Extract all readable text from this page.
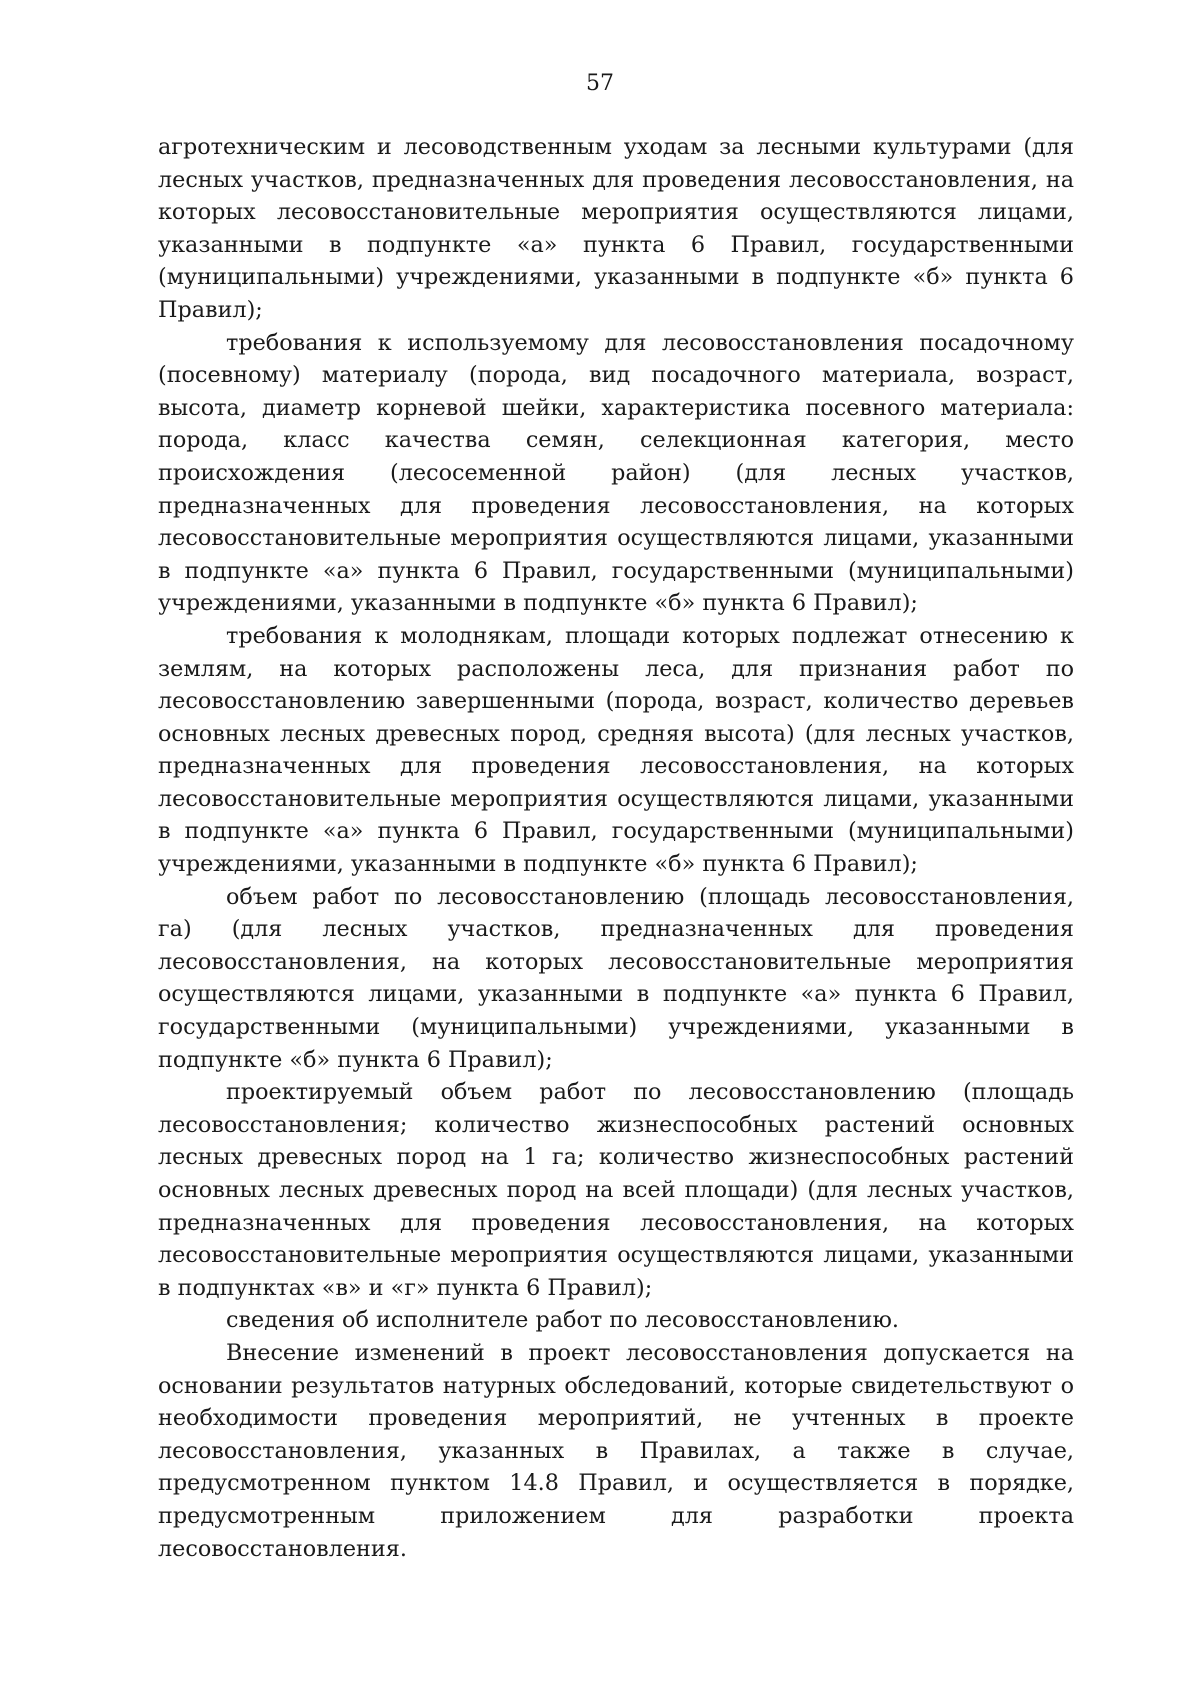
57

агротехническим и лесоводственным уходам за лесными культурами (для лесных участков, предназначенных для проведения лесовосстановления, на которых лесовосстановительные мероприятия осуществляются лицами, указанными в подпункте «а» пункта 6 Правил, государственными (муниципальными) учреждениями, указанными в подпункте «б» пункта 6 Правил);

требования к используемому для лесовосстановления посадочному (посевному) материалу (порода, вид посадочного материала, возраст, высота, диаметр корневой шейки, характеристика посевного материала: порода, класс качества семян, селекционная категория, место происхождения (лесосеменной район) (для лесных участков, предназначенных для проведения лесовосстановления, на которых лесовосстановительные мероприятия осуществляются лицами, указанными в подпункте «а» пункта 6 Правил, государственными (муниципальными) учреждениями, указанными в подпункте «б» пункта 6 Правил);

требования к молоднякам, площади которых подлежат отнесению к землям, на которых расположены леса, для признания работ по лесовосстановлению завершенными (порода, возраст, количество деревьев основных лесных древесных пород, средняя высота) (для лесных участков, предназначенных для проведения лесовосстановления, на которых лесовосстановительные мероприятия осуществляются лицами, указанными в подпункте «а» пункта 6 Правил, государственными (муниципальными) учреждениями, указанными в подпункте «б» пункта 6 Правил);

объем работ по лесовосстановлению (площадь лесовосстановления, га) (для лесных участков, предназначенных для проведения лесовосстановления, на которых лесовосстановительные мероприятия осуществляются лицами, указанными в подпункте «а» пункта 6 Правил, государственными (муниципальными) учреждениями, указанными в подпункте «б» пункта 6 Правил);

проектируемый объем работ по лесовосстановлению (площадь лесовосстановления; количество жизнеспособных растений основных лесных древесных пород на 1 га; количество жизнеспособных растений основных лесных древесных пород на всей площади) (для лесных участков, предназначенных для проведения лесовосстановления, на которых лесовосстановительные мероприятия осуществляются лицами, указанными в подпунктах «в» и «г» пункта 6 Правил);

сведения об исполнителе работ по лесовосстановлению.

Внесение изменений в проект лесовосстановления допускается на основании результатов натурных обследований, которые свидетельствуют о необходимости проведения мероприятий, не учтенных в проекте лесовосстановления, указанных в Правилах, а также в случае, предусмотренном пунктом 14.8 Правил, и осуществляется в порядке, предусмотренным приложением для разработки проекта лесовосстановления.
